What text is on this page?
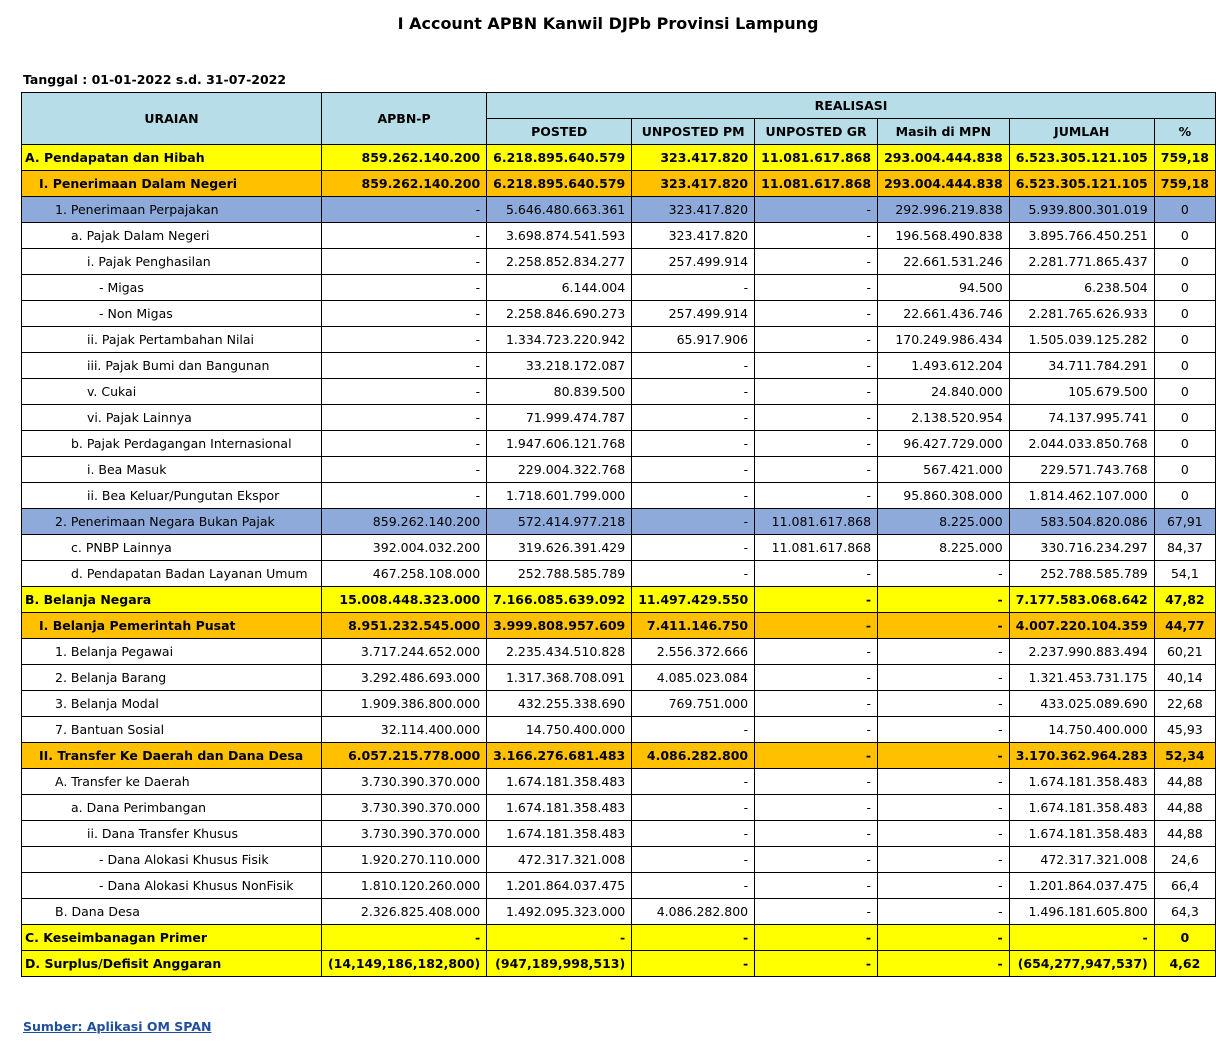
I Account APBN Kanwil DJPb Provinsi Lampung
Tanggal : 01-01-2022 s.d. 31-07-2022
URAIAN	APBN-P	REALISASI					
		POSTED	UNPOSTED PM	UNPOSTED GR	Masih di MPN	JUMLAH	%
A. Pendapatan dan Hibah	859.262.140.200	6.218.895.640.579	323.417.820	11.081.617.868	293.004.444.838	6.523.305.121.105	759,18
I. Penerimaan Dalam Negeri	859.262.140.200	6.218.895.640.579	323.417.820	11.081.617.868	293.004.444.838	6.523.305.121.105	759,18
1. Penerimaan Perpajakan	-	5.646.480.663.361	323.417.820	-	292.996.219.838	5.939.800.301.019	0
a. Pajak Dalam Negeri	-	3.698.874.541.593	323.417.820	-	196.568.490.838	3.895.766.450.251	0
i. Pajak Penghasilan	-	2.258.852.834.277	257.499.914	-	22.661.531.246	2.281.771.865.437	0
- Migas	-	6.144.004	-	-	94.500	6.238.504	0
- Non Migas	-	2.258.846.690.273	257.499.914	-	22.661.436.746	2.281.765.626.933	0
ii. Pajak Pertambahan Nilai	-	1.334.723.220.942	65.917.906	-	170.249.986.434	1.505.039.125.282	0
iii. Pajak Bumi dan Bangunan	-	33.218.172.087	-	-	1.493.612.204	34.711.784.291	0
v. Cukai	-	80.839.500	-	-	24.840.000	105.679.500	0
vi. Pajak Lainnya	-	71.999.474.787	-	-	2.138.520.954	74.137.995.741	0
b. Pajak Perdagangan Internasional	-	1.947.606.121.768	-	-	96.427.729.000	2.044.033.850.768	0
i. Bea Masuk	-	229.004.322.768	-	-	567.421.000	229.571.743.768	0
ii. Bea Keluar/Pungutan Ekspor	-	1.718.601.799.000	-	-	95.860.308.000	1.814.462.107.000	0
2. Penerimaan Negara Bukan Pajak	859.262.140.200	572.414.977.218	-	11.081.617.868	8.225.000	583.504.820.086	67,91
c. PNBP Lainnya	392.004.032.200	319.626.391.429	-	11.081.617.868	8.225.000	330.716.234.297	84,37
d. Pendapatan Badan Layanan Umum	467.258.108.000	252.788.585.789	-	-	-	252.788.585.789	54,1
B. Belanja Negara	15.008.448.323.000	7.166.085.639.092	11.497.429.550	-	-	7.177.583.068.642	47,82
I. Belanja Pemerintah Pusat	8.951.232.545.000	3.999.808.957.609	7.411.146.750	-	-	4.007.220.104.359	44,77
1. Belanja Pegawai	3.717.244.652.000	2.235.434.510.828	2.556.372.666	-	-	2.237.990.883.494	60,21
2. Belanja Barang	3.292.486.693.000	1.317.368.708.091	4.085.023.084	-	-	1.321.453.731.175	40,14
3. Belanja Modal	1.909.386.800.000	432.255.338.690	769.751.000	-	-	433.025.089.690	22,68
7. Bantuan Sosial	32.114.400.000	14.750.400.000	-	-	-	14.750.400.000	45,93
II. Transfer Ke Daerah dan Dana Desa	6.057.215.778.000	3.166.276.681.483	4.086.282.800	-	-	3.170.362.964.283	52,34
A. Transfer ke Daerah	3.730.390.370.000	1.674.181.358.483	-	-	-	1.674.181.358.483	44,88
a. Dana Perimbangan	3.730.390.370.000	1.674.181.358.483	-	-	-	1.674.181.358.483	44,88
ii. Dana Transfer Khusus	3.730.390.370.000	1.674.181.358.483	-	-	-	1.674.181.358.483	44,88
- Dana Alokasi Khusus Fisik	1.920.270.110.000	472.317.321.008	-	-	-	472.317.321.008	24,6
- Dana Alokasi Khusus NonFisik	1.810.120.260.000	1.201.864.037.475	-	-	-	1.201.864.037.475	66,4
B. Dana Desa	2.326.825.408.000	1.492.095.323.000	4.086.282.800	-	-	1.496.181.605.800	64,3
C. Keseimbanagan Primer	-	-	-	-	-	-	0
D. Surplus/Defisit Anggaran	(14,149,186,182,800)	(947,189,998,513)	-	-	-	(654,277,947,537)	4,62
Sumber: Aplikasi OM SPAN
